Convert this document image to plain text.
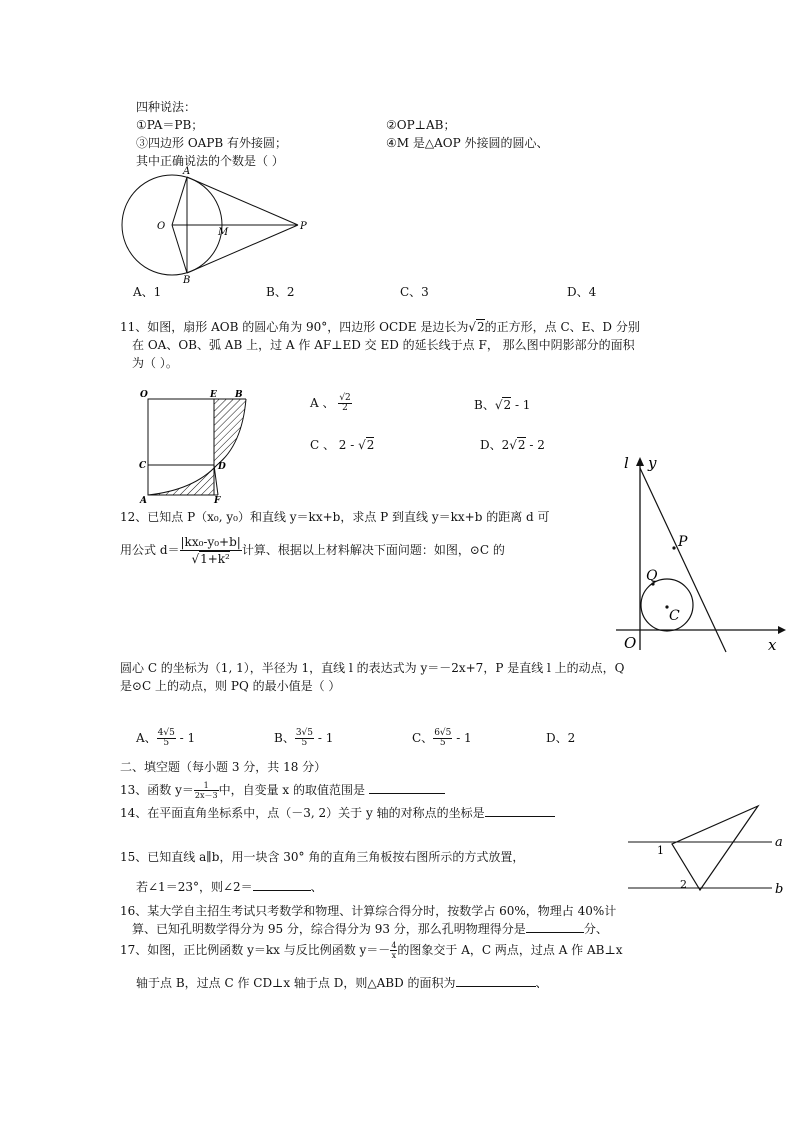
四种说法：
①PA＝PB；	②OP⊥AB；
③四边形 OAPB 有外接圆；	④M 是△AOP 外接圆的圆心、
其中正确说法的个数是（ ）
A
B
O
M
P
A、1	B、2	C、3	D、4
11、如图，扇形 AOB 的圆心角为 90°，四边形 OCDE 是边长为√2的正方形，点 C、E、D 分别
在 OA、OB、弧 AB 上，过 A 作 AF⊥ED 交 ED 的延长线于点 F， 那么图中阴影部分的面积
为（ ）。
O	E B
C	D
A	F
A 、 $\frac{√2}{2}$	B、√2 - 1
C 、 2 - √2	D、2√2 - 2
12、已知点 P（x₀, y₀）和直线 y＝kx+b，求点 P 到直线 y＝kx+b 的距离 d 可
用公式 $d= \frac{\text{|kx₀-y₀+b|}}{\text{√1+k²}}$ 计算、根据以上材料解决下面问题：如图，⊙C 的
l y
P
Q
C
O	x
圆心 C 的坐标为（1, 1），半径为 1，直线 l 的表达式为 y＝－2x+7，P 是直线 l 上的动点，Q
是⊙C 上的动点，则 PQ 的最小值是（ ）
A、 $\frac{4√5}{5} - 1$	B、 $\frac{3√5}{5} - 1$	C、 $\frac{6√5}{5} - 1$	D、2
二、填空题（每小题 3 分，共 18 分）
13、函数 $y= \frac{1}{2x-3}$ 中，自变量 x 的取值范围是
14、在平面直角坐标系中，点（－3, 2）关于 y 轴的对称点的坐标是
15、已知直线 a∥b，用一块含 30° 角的直角三角板按右图所示的方式放置，
若∠1＝23°，则∠2＝	、
a
b
1
2
16、某大学自主招生考试只考数学和物理、计算综合得分时，按数学占 60%，物理占 40%计
算、已知孔明数学得分为 95 分，综合得分为 93 分，那么孔明物理得分是	分、
17、如图，正比例函数 y＝kx 与反比例函数 $y=- \frac{4}{x}$ 的图象交于 A，C 两点，过点 A 作 AB⊥x
轴于点 B，过点 C 作 CD⊥x 轴于点 D，则△ABD 的面积为	、
